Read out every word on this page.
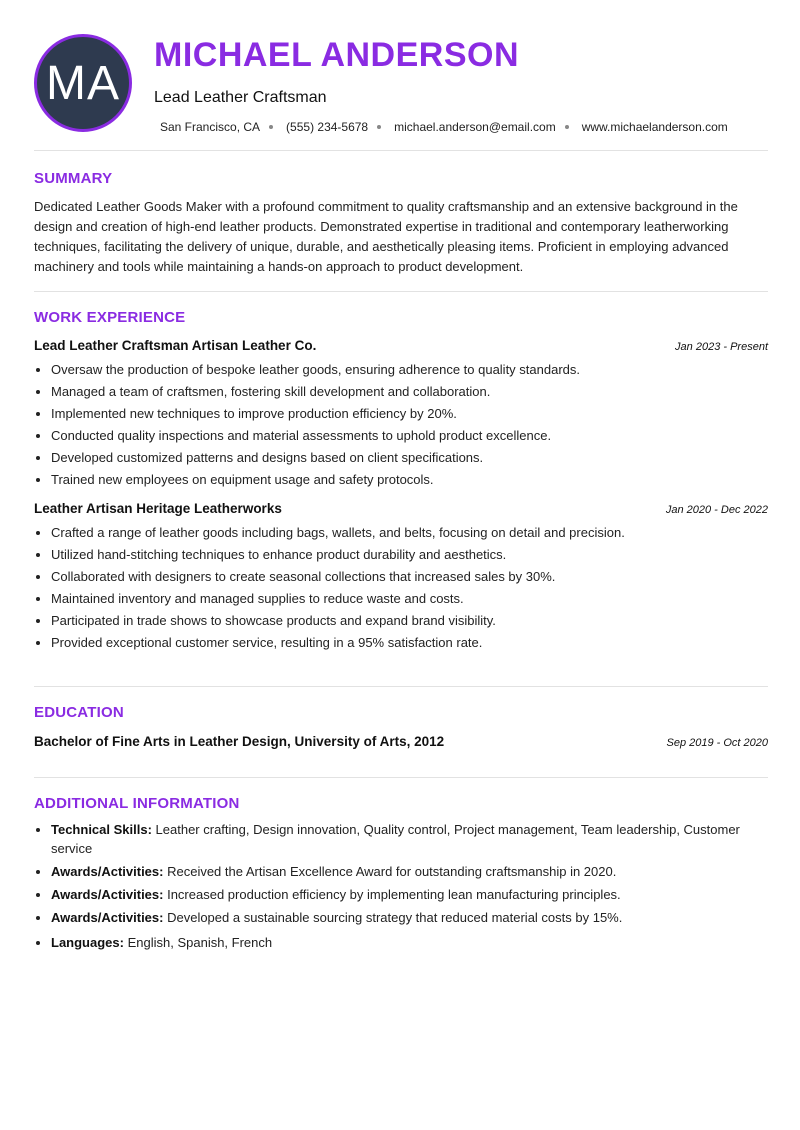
MA
MICHAEL ANDERSON
Lead Leather Craftsman
San Francisco, CA (555) 234-5678 michael.anderson@email.com www.michaelanderson.com
SUMMARY

Dedicated Leather Goods Maker with a profound commitment to quality craftsmanship and an extensive background in the design and creation of high-end leather products. Demonstrated expertise in traditional and contemporary leatherworking techniques, facilitating the delivery of unique, durable, and aesthetically pleasing items. Proficient in employing advanced machinery and tools while maintaining a hands-on approach to product development.

WORK EXPERIENCE
Lead Leather Craftsman Artisan Leather Co.	Jan 2023 - Present
• Oversaw the production of bespoke leather goods, ensuring adherence to quality standards.
• Managed a team of craftsmen, fostering skill development and collaboration.
• Implemented new techniques to improve production efficiency by 20%.
• Conducted quality inspections and material assessments to uphold product excellence.
• Developed customized patterns and designs based on client specifications.
• Trained new employees on equipment usage and safety protocols.
Leather Artisan Heritage Leatherworks	Jan 2020 - Dec 2022
• Crafted a range of leather goods including bags, wallets, and belts, focusing on detail and precision.
• Utilized hand-stitching techniques to enhance product durability and aesthetics.
• Collaborated with designers to create seasonal collections that increased sales by 30%.
• Maintained inventory and managed supplies to reduce waste and costs.
• Participated in trade shows to showcase products and expand brand visibility.
• Provided exceptional customer service, resulting in a 95% satisfaction rate.
EDUCATION
Bachelor of Fine Arts in Leather Design, University of Arts, 2012	Sep 2019 - Oct 2020
ADDITIONAL INFORMATION
• Technical Skills: Leather crafting, Design innovation, Quality control, Project management, Team leadership, Customer service
• Awards/Activities: Received the Artisan Excellence Award for outstanding craftsmanship in 2020.
• Awards/Activities: Increased production efficiency by implementing lean manufacturing principles.
• Awards/Activities: Developed a sustainable sourcing strategy that reduced material costs by 15%.
• Languages: English, Spanish, French
